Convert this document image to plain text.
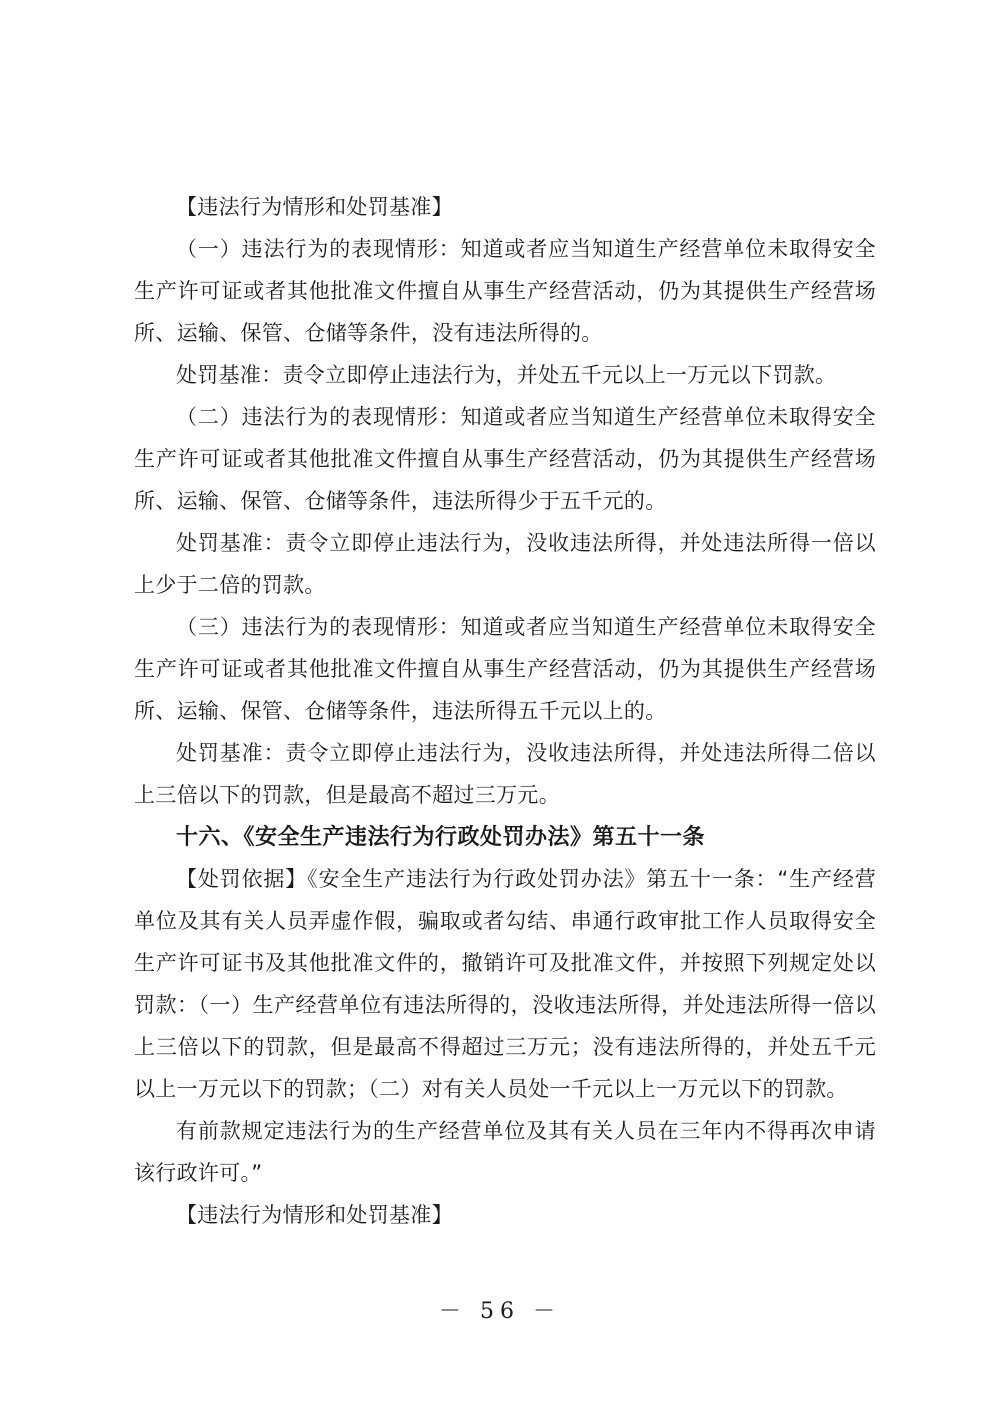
【违法行为情形和处罚基准】

（一）违法行为的表现情形：知道或者应当知道生产经营单位未取得安全生产许可证或者其他批准文件擅自从事生产经营活动，仍为其提供生产经营场所、运输、保管、仓储等条件，没有违法所得的。

处罚基准：责令立即停止违法行为，并处五千元以上一万元以下罚款。

（二）违法行为的表现情形：知道或者应当知道生产经营单位未取得安全生产许可证或者其他批准文件擅自从事生产经营活动，仍为其提供生产经营场所、运输、保管、仓储等条件，违法所得少于五千元的。

处罚基准：责令立即停止违法行为，没收违法所得，并处违法所得一倍以上少于二倍的罚款。

（三）违法行为的表现情形：知道或者应当知道生产经营单位未取得安全生产许可证或者其他批准文件擅自从事生产经营活动，仍为其提供生产经营场所、运输、保管、仓储等条件，违法所得五千元以上的。

处罚基准：责令立即停止违法行为，没收违法所得，并处违法所得二倍以上三倍以下的罚款，但是最高不超过三万元。

十六、《安全生产违法行为行政处罚办法》第五十一条

【处罚依据】《安全生产违法行为行政处罚办法》第五十一条：“生产经营单位及其有关人员弄虚作假，骗取或者勾结、串通行政审批工作人员取得安全生产许可证书及其他批准文件的，撤销许可及批准文件，并按照下列规定处以罚款：（一）生产经营单位有违法所得的，没收违法所得，并处违法所得一倍以上三倍以下的罚款，但是最高不得超过三万元；没有违法所得的，并处五千元以上一万元以下的罚款；（二）对有关人员处一千元以上一万元以下的罚款。

有前款规定违法行为的生产经营单位及其有关人员在三年内不得再次申请该行政许可。”

【违法行为情形和处罚基准】

－ 56 －
